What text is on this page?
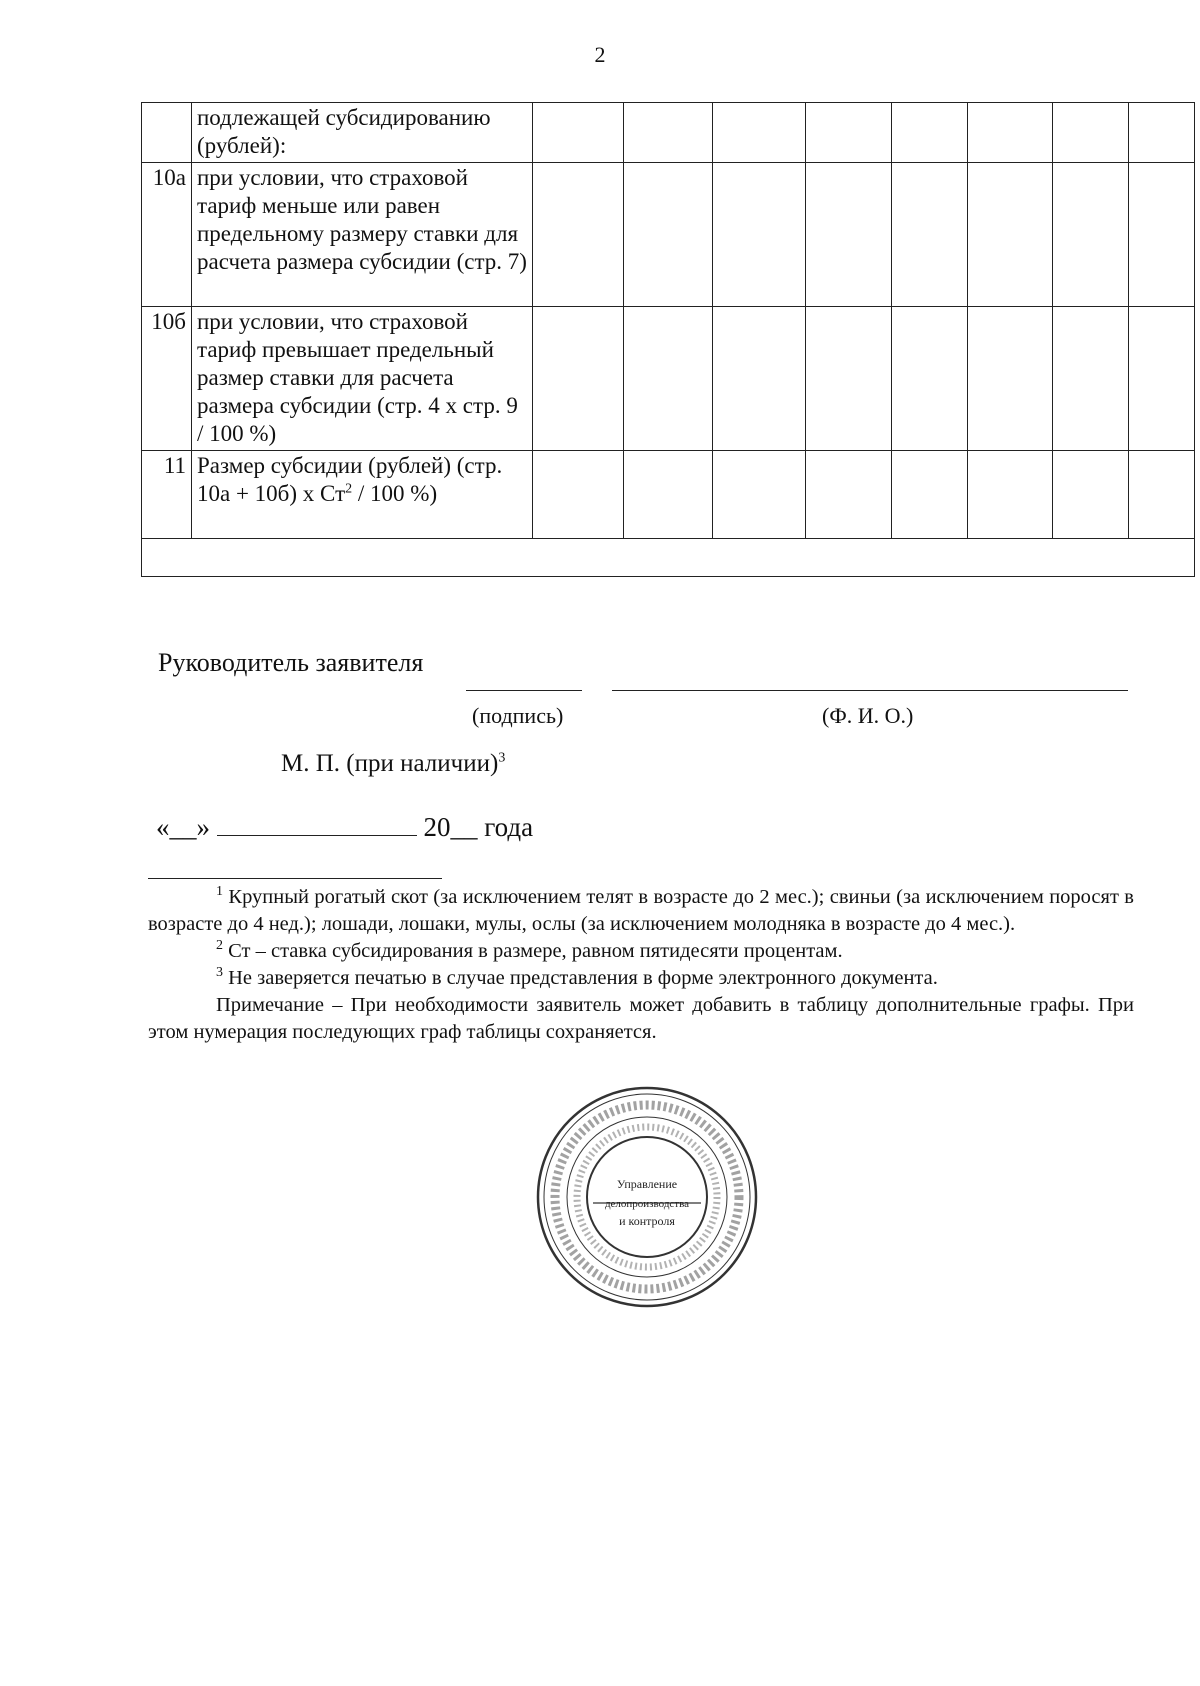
2
	подлежащей субсидированию (рублей):								
10а	при условии, что страховой тариф меньше или равен предельному размеру ставки для расчета размера субсидии (стр. 7)								
10б	при условии, что страховой тариф превышает предельный размер ставки для расчета размера субсидии (стр. 4 х стр. 9 / 100 %)								
11	Размер субсидии (рублей) (стр. 10а + 10б) х $Ст^2 / 100$ %)								

Руководитель заявителя
(подпись)	(Ф. И. О.)
М. П. (при наличии)$^3$
«__»	20__ года

$^1$ Крупный рогатый скот (за исключением телят в возрасте до 2 мес.); свиньи (за исключением поросят в возрасте до 4 нед.); лошади, лошаки, мулы, ослы (за исключением молодняка в возрасте до 4 мес.).

$^2$ Ст – ставка субсидирования в размере, равном пятидесяти процентам.

$^3$ Не заверяется печатью в случае представления в форме электронного документа.

Примечание – При необходимости заявитель может добавить в таблицу дополнительные графы. При этом нумерация последующих граф таблицы сохраняется.

Управление
делопроизводства
и контроля
